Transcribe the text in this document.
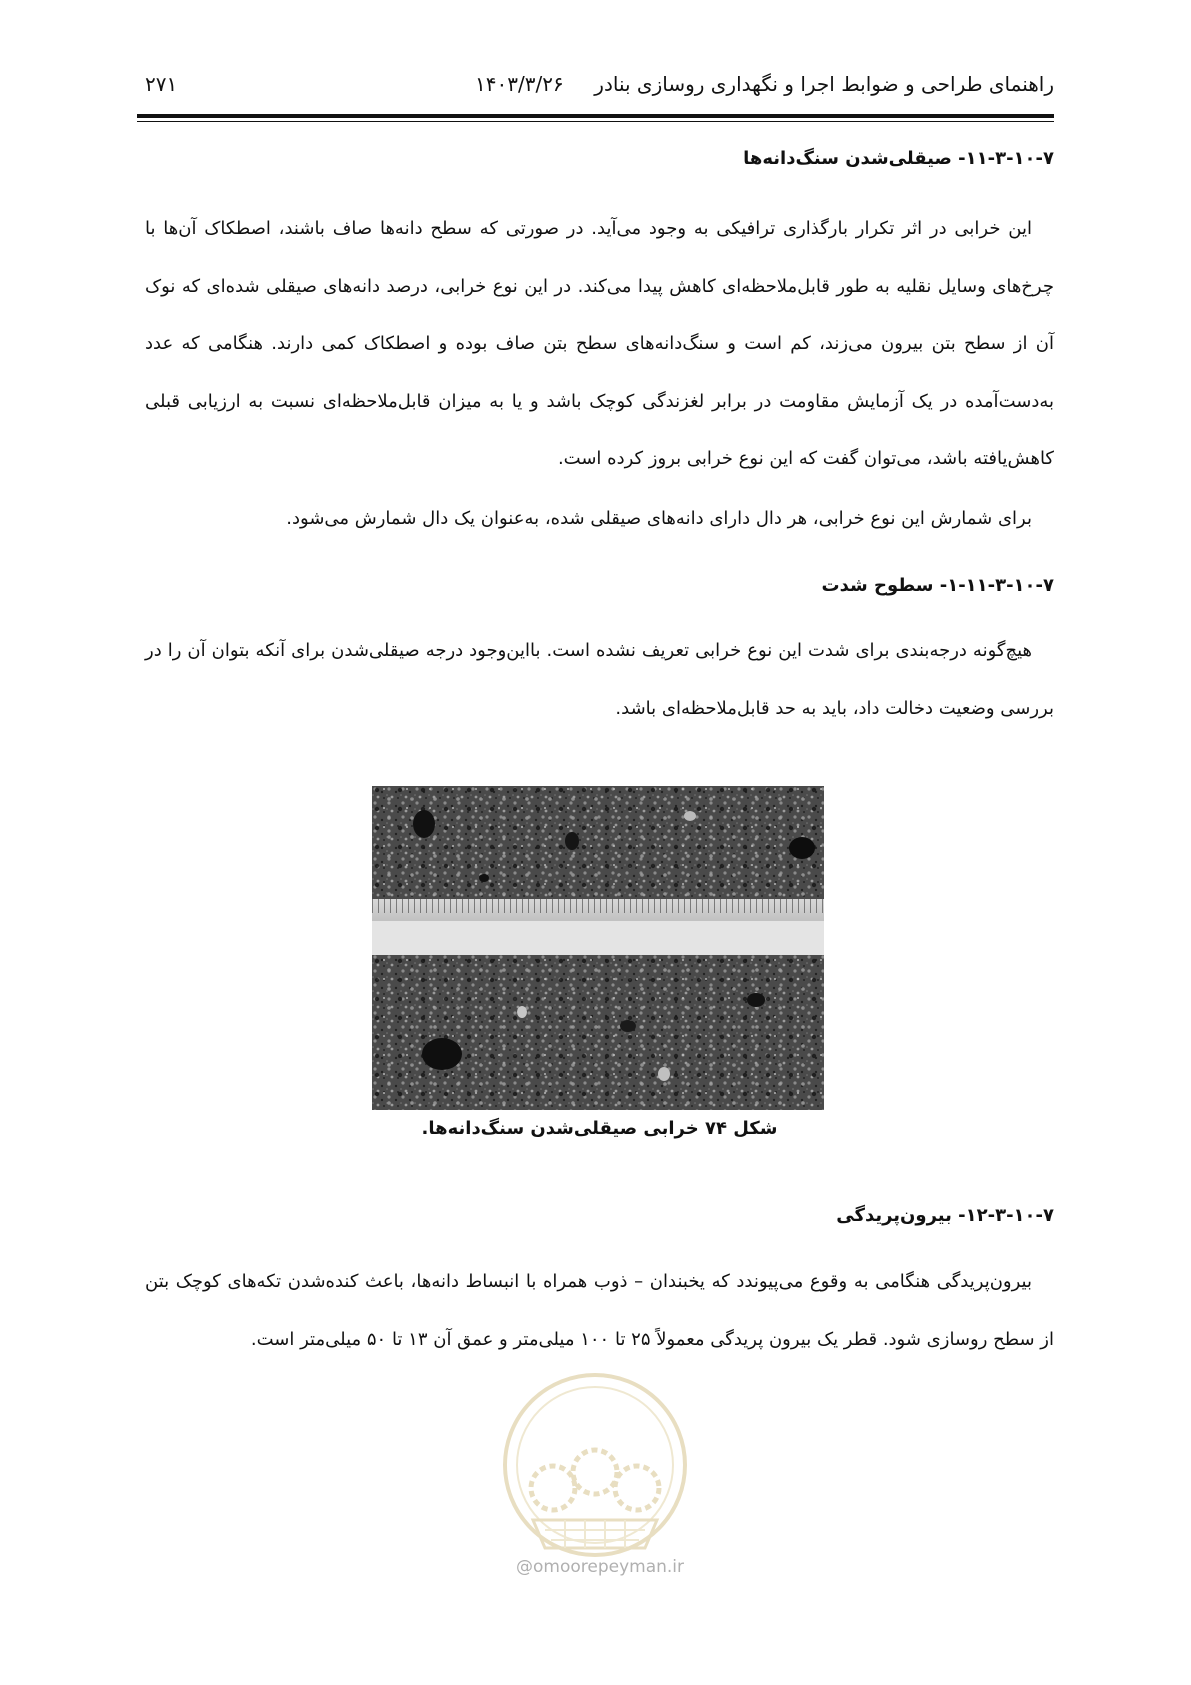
راهنمای طراحی و ضوابط اجرا و نگهداری روسازی بنادر
۱۴۰۳/۳/۲۶
۲۷۱
۱۱-۳-۱۰-۷- صیقلی‌شدن سنگ‌دانه‌ها
این خرابی در اثر تکرار بارگذاری ترافیکی به وجود می‌آید. در صورتی که سطح دانه‌ها صاف باشند، اصطکاک آن‌ها با چرخ‌های وسایل نقلیه به طور قابل‌ملاحظه‌ای کاهش پیدا می‌کند. در این نوع خرابی، درصد دانه‌های صیقلی شده‌ای که نوک آن از سطح بتن بیرون می‌زند، کم است و سنگ‌دانه‌های سطح بتن صاف بوده و اصطکاک کمی دارند. هنگامی که عدد به‌دست‌آمده در یک آزمایش مقاومت در برابر لغزندگی کوچک باشد و یا به میزان قابل‌ملاحظه‌ای نسبت به ارزیابی قبلی کاهش‌یافته باشد، می‌توان گفت که این نوع خرابی بروز کرده است.
برای شمارش این نوع خرابی، هر دال دارای دانه‌های صیقلی شده، به‌عنوان یک دال شمارش می‌شود.
۱-۱۱-۳-۱۰-۷- سطوح شدت
هیچ‌گونه درجه‌بندی برای شدت این نوع خرابی تعریف نشده است. بااین‌وجود درجه صیقلی‌شدن برای آنکه بتوان آن را در بررسی وضعیت دخالت داد، باید به حد قابل‌ملاحظه‌ای باشد.
شکل ۷۴ خرابی صیقلی‌شدن سنگ‌دانه‌ها.
۱۲-۳-۱۰-۷- بیرون‌پریدگی
بیرون‌پریدگی هنگامی به وقوع می‌پیوندد که یخبندان – ذوب همراه با انبساط دانه‌ها، باعث کنده‌شدن تکه‌های کوچک بتن از سطح روسازی شود. قطر یک بیرون پریدگی معمولاً ۲۵ تا ۱۰۰ میلی‌متر و عمق آن ۱۳ تا ۵۰ میلی‌متر است.
@omoorepeyman.ir
